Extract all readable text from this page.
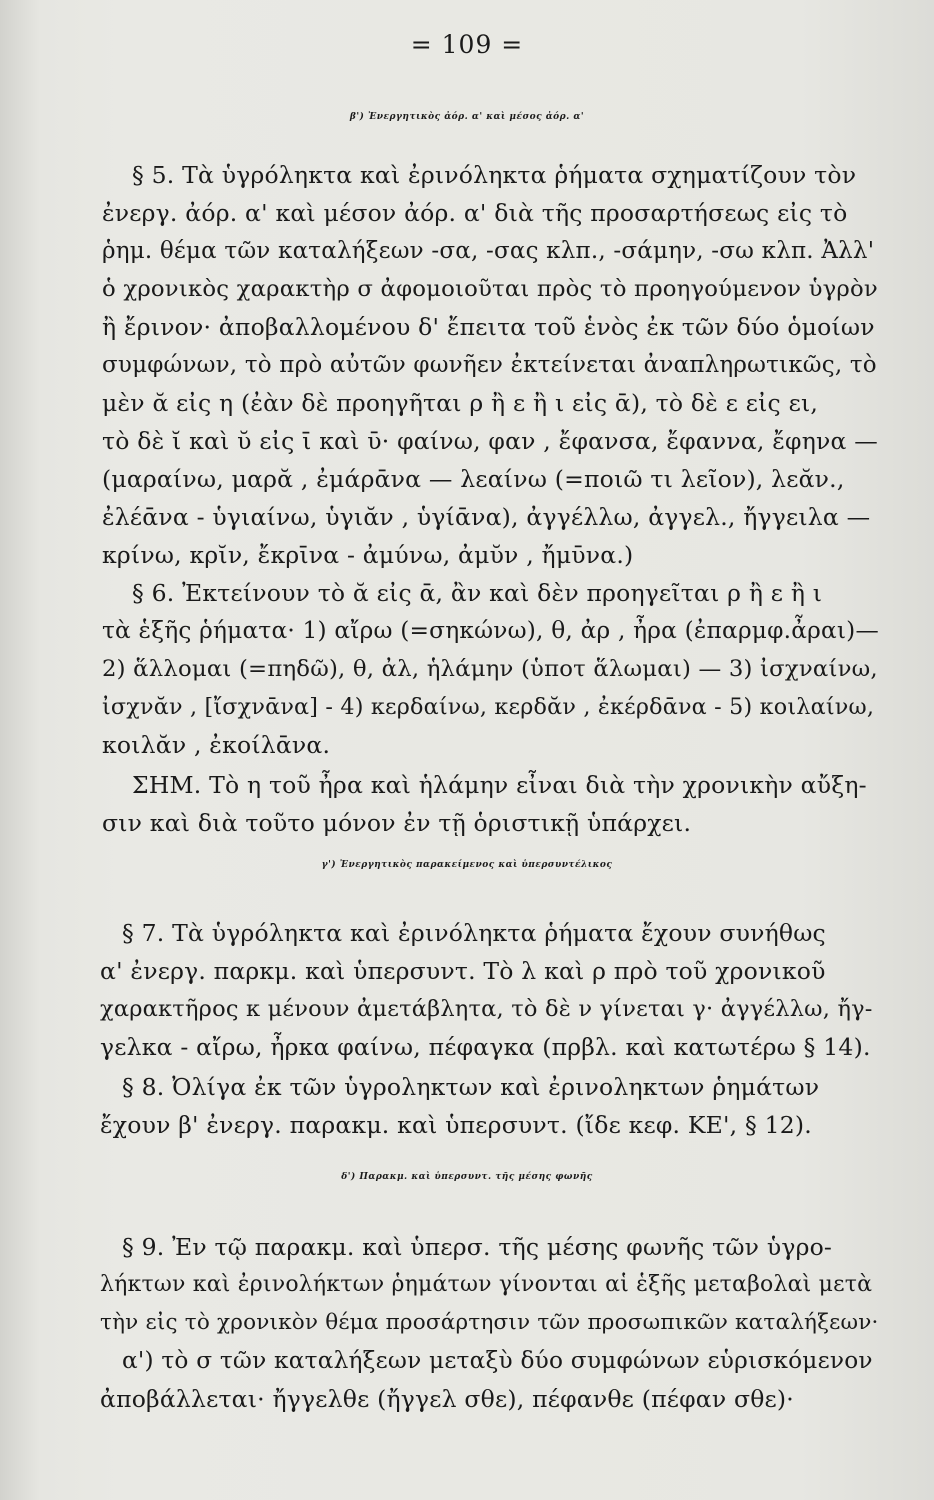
= 109 =
β') Ἐνεργητικὸς ἀόρ. α' καὶ μέσος ἀόρ. α'
§ 5. Τὰ ὑγρόληκτα καὶ ἐρινόληκτα ῥήματα σχηματίζουν τὸν
ἐνεργ. ἀόρ. α' καὶ μέσον ἀόρ. α' διὰ τῆς προσαρτήσεως εἰς τὸ
ῥημ. θέμα τῶν καταλήξεων -σα, -σας κλπ., -σάμην, -σω κλπ. Ἀλλ'
ὁ χρονικὸς χαρακτὴρ σ ἀφομοιοῦται πρὸς τὸ προηγούμενον ὑγρὸν
ἢ ἔρινον· ἀποβαλλομένου δ' ἔπειτα τοῦ ἑνὸς ἐκ τῶν δύο ὁμοίων
συμφώνων, τὸ πρὸ αὐτῶν φωνῆεν ἐκτείνεται ἀναπληρωτικῶς, τὸ
μὲν ᾰ εἰς η (ἐὰν δὲ προηγῆται ρ ἢ ε ἢ ι εἰς ᾱ), τὸ δὲ ε εἰς ει,
τὸ δὲ ῐ καὶ ῠ εἰς ῑ καὶ ῡ· φαίνω, φαν , ἔφανσα, ἔφαννα, ἔφηνα —
(μαραίνω, μαρᾰ , ἐμάρᾱνα — λεαίνω (=ποιῶ τι λεῖον), λεᾰν.,
ἐλέᾱνα - ὑγιαίνω, ὑγιᾰν , ὑγίᾱνα), ἀγγέλλω, ἀγγελ., ἤγγειλα —
κρίνω, κρῐν, ἔκρῑνα - ἀμύνω, ἀμῠν , ἤμῡνα.)
§ 6. Ἐκτείνουν τὸ ᾰ εἰς ᾱ, ἂν καὶ δὲν προηγεῖται ρ ἢ ε ἢ ι
τὰ ἑξῆς ῥήματα· 1) αἴρω (=σηκώνω), θ, ἀρ , ἦρα (ἐπαρμφ.ἆραι)—
2) ἅλλομαι (=πηδῶ), θ, ἀλ, ἡλάμην (ὑποτ ἅλωμαι) — 3) ἰσχναίνω,
ἰσχνᾰν , [ἴσχνᾱνα] - 4) κερδαίνω, κερδᾰν , ἐκέρδᾱνα - 5) κοιλαίνω,
κοιλᾰν , ἐκοίλᾱνα.
ΣΗΜ. Τὸ η τοῦ ἦρα καὶ ἡλάμην εἶναι διὰ τὴν χρονικὴν αὔξη-
σιν καὶ διὰ τοῦτο μόνον ἐν τῇ ὁριστικῇ ὑπάρχει.
γ') Ἐνεργητικὸς παρακείμενος καὶ ὑπερσυντέλικος
§ 7. Τὰ ὑγρόληκτα καὶ ἐρινόληκτα ῥήματα ἔχουν συνήθως
α' ἐνεργ. παρκμ. καὶ ὑπερσυντ. Τὸ λ καὶ ρ πρὸ τοῦ χρονικοῦ
χαρακτῆρος κ μένουν ἀμετάβλητα, τὸ δὲ ν γίνεται γ· ἀγγέλλω, ἤγ-
γελκα - αἴρω, ἦρκα φαίνω, πέφαγκα (πρβλ. καὶ κατωτέρω § 14).
§ 8. Ὀλίγα ἐκ τῶν ὑγροληκτων καὶ ἐρινοληκτων ῥημάτων
ἔχουν β' ἐνεργ. παρακμ. καὶ ὑπερσυντ. (ἴδε κεφ. ΚΕ', § 12).
δ') Παρακμ. καὶ ὑπερσυντ. τῆς μέσης φωνῆς
§ 9. Ἐν τῷ παρακμ. καὶ ὑπερσ. τῆς μέσης φωνῆς τῶν ὑγρο-
λήκτων καὶ ἐρινολήκτων ῥημάτων γίνονται αἱ ἑξῆς μεταβολαὶ μετὰ
τὴν εἰς τὸ χρονικὸν θέμα προσάρτησιν τῶν προσωπικῶν καταλήξεων·
α') τὸ σ τῶν καταλήξεων μεταξὺ δύο συμφώνων εὑρισκόμενον
ἀποβάλλεται· ἤγγελθε (ἤγγελ σθε), πέφανθε (πέφαν σθε)·
